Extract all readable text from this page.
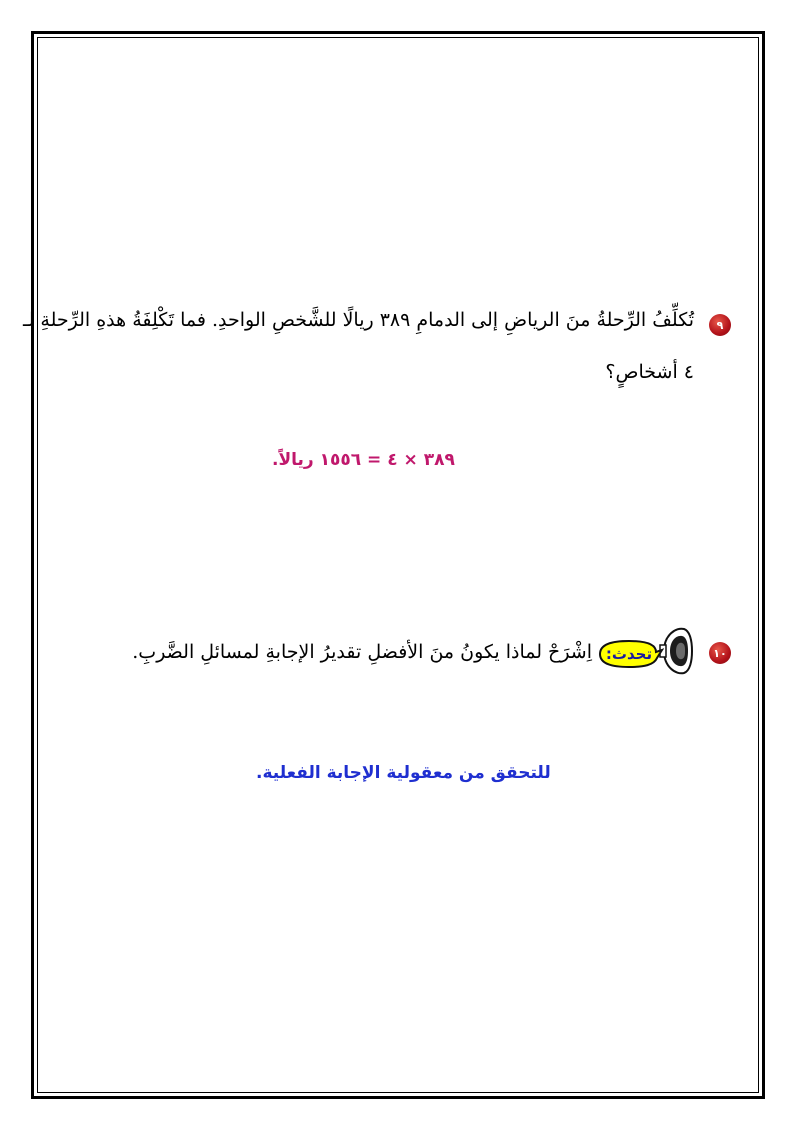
٩
تُكلِّفُ الرِّحلةُ منَ الرياضِ إلى الدمامِ ٣٨٩ ريالًا للشَّخصِ الواحدِ. فما تَكْلِفَةُ هذهِ الرِّحلةِ لـ
٤ أشخاصٍ؟
٣٨٩ × ٤ = ١٥٥٦ ريالاً.
١٠
تحدث:
اِشْرَحْ لماذا يكونُ منَ الأفضلِ تقديرُ الإجابةِ لمسائلِ الضَّربِ.
للتحقق من معقولية الإجابة الفعلية.
